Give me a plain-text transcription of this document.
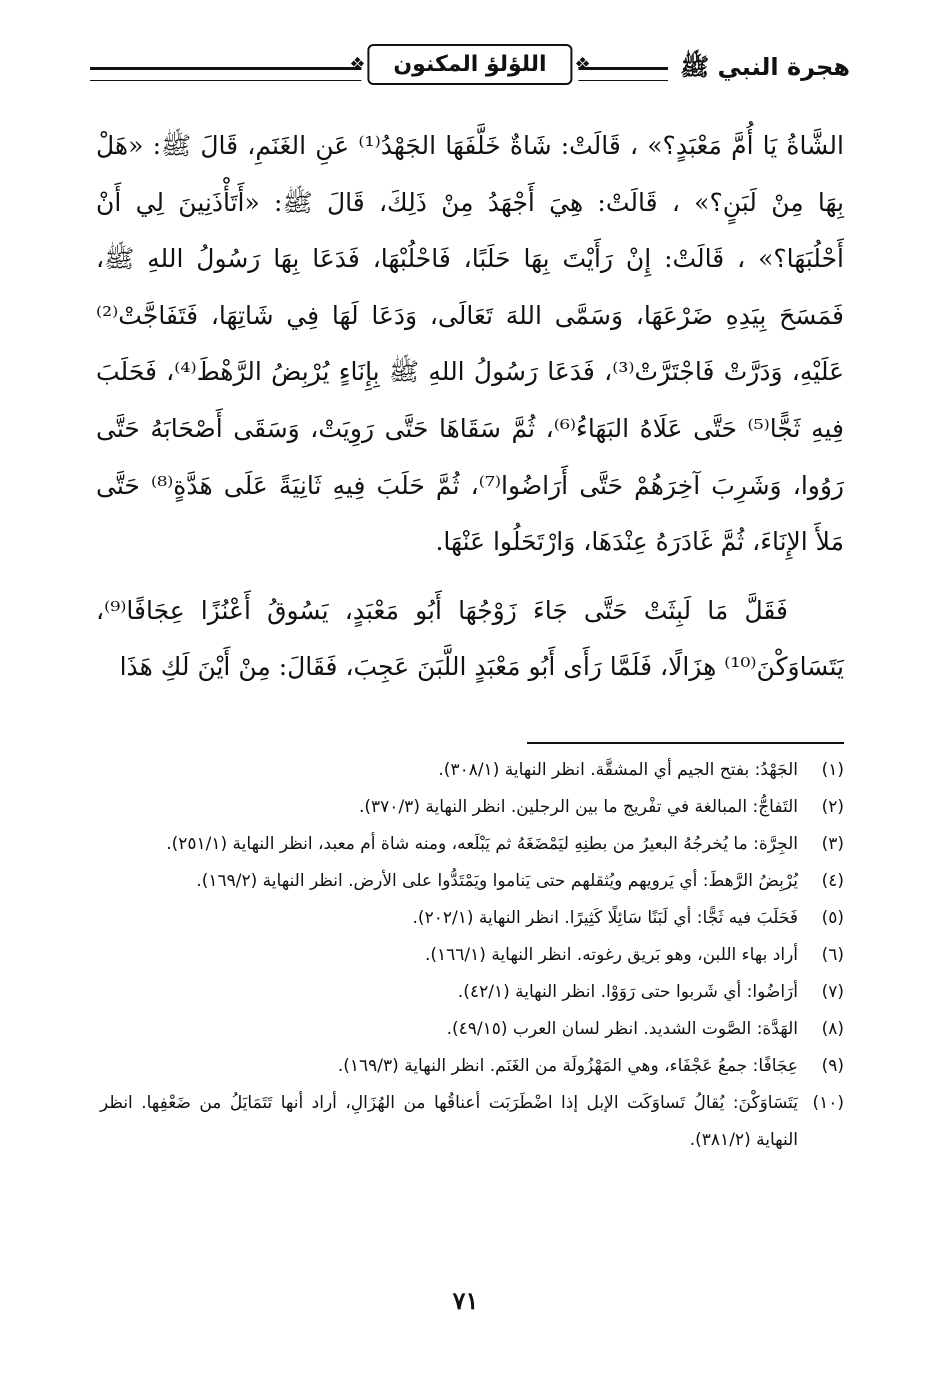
هجرة النبي ﷺ
❖ اللؤلؤ المكنون ❖

الشَّاةُ يَا أُمَّ مَعْبَدٍ؟» ، قَالَتْ: شَاةٌ خَلَّفَهَا الجَهْدُ⁽¹⁾ عَنِ الغَنَمِ، قَالَ ﷺ: «هَلْ بِهَا مِنْ لَبَنٍ؟» ، قَالَتْ: هِيَ أَجْهَدُ مِنْ ذَلِكَ، قَالَ ﷺ: «أَتَأْذَنِينَ لِي أَنْ أَحْلُبَهَا؟» ، قَالَتْ: إِنْ رَأَيْتَ بِهَا حَلَبًا، فَاحْلُبْهَا، فَدَعَا بِهَا رَسُولُ اللهِ ﷺ، فَمَسَحَ بِيَدِهِ ضَرْعَهَا، وَسَمَّى اللهَ تَعَالَى، وَدَعَا لَهَا فِي شَاتِهَا، فَتَفَاجَّتْ⁽²⁾ عَلَيْهِ، وَدَرَّتْ فَاجْتَرَّتْ⁽³⁾، فَدَعَا رَسُولُ اللهِ ﷺ بِإِنَاءٍ يُرْبِضُ الرَّهْطَ⁽⁴⁾، فَحَلَبَ فِيهِ ثَجًّا⁽⁵⁾ حَتَّى عَلَاهُ البَهَاءُ⁽⁶⁾، ثُمَّ سَقَاهَا حَتَّى رَوِيَتْ، وَسَقَى أَصْحَابَهُ حَتَّى رَوُوا، وَشَرِبَ آخِرَهُمْ حَتَّى أَرَاضُوا⁽⁷⁾، ثُمَّ حَلَبَ فِيهِ ثَانِيَةً عَلَى هَدَّةٍ⁽⁸⁾ حَتَّى مَلأَ الإِنَاءَ، ثُمَّ غَادَرَهُ عِنْدَهَا، وَارْتَحَلُوا عَنْهَا.

فَقَلَّ مَا لَبِثَتْ حَتَّى جَاءَ زَوْجُهَا أَبُو مَعْبَدٍ، يَسُوقُ أَعْنُزًا عِجَافًا⁽⁹⁾، يَتَسَاوَكْنَ⁽¹⁰⁾ هِزَالًا، فَلَمَّا رَأَى أَبُو مَعْبَدٍ اللَّبَنَ عَجِبَ، فَقَالَ: مِنْ أَيْنَ لَكِ هَذَا

(١)
الجَهْدُ: بفتح الجيم أي المشقَّة. انظر النهاية (٣٠٨/١).
(٢)
التَفاجُّ: المبالغة في تفْريج ما بين الرجلين. انظر النهاية (٣٧٠/٣).
(٣)
الجِرَّة: ما يُخرجُهُ البعيرُ من بطنِهِ ليَمْضَغَهُ ثم يَبْلَعه، ومنه شاة أم معبد، انظر النهاية (٢٥١/١).
(٤)
يُرْبِضُ الرَّهطَ: أي يَرويهم ويُثقلهم حتى يَناموا ويَمْتَدُّوا على الأرض. انظر النهاية (١٦٩/٢).
(٥)
فَحَلَبَ فيه ثَجًّا: أي لَبَنًا سَائِلًا كَثِيرًا. انظر النهاية (٢٠٢/١).
(٦)
أراد بهاء اللبن، وهو بَريق رغوته. انظر النهاية (١٦٦/١).
(٧)
أرَاضُوا: أي شَربوا حتى رَوَوْا. انظر النهاية (٤٢/١).
(٨)
الهَدَّة: الصَّوت الشديد. انظر لسان العرب (٤٩/١٥).
(٩)
عِجَافًا: جمعُ عَجْفَاء، وهي المَهْزُولَة من الغَنَم. انظر النهاية (١٦٩/٣).
(١٠)
يَتَسَاوَكْنَ: يُقالُ تَساوَكَت الإبل إذا اضْطَرَبَت أعناقُها من الهُزَالِ، أراد أنها تَتَمَايَلُ من ضَعْفِها. انظر النهاية (٣٨١/٢).
٧١
